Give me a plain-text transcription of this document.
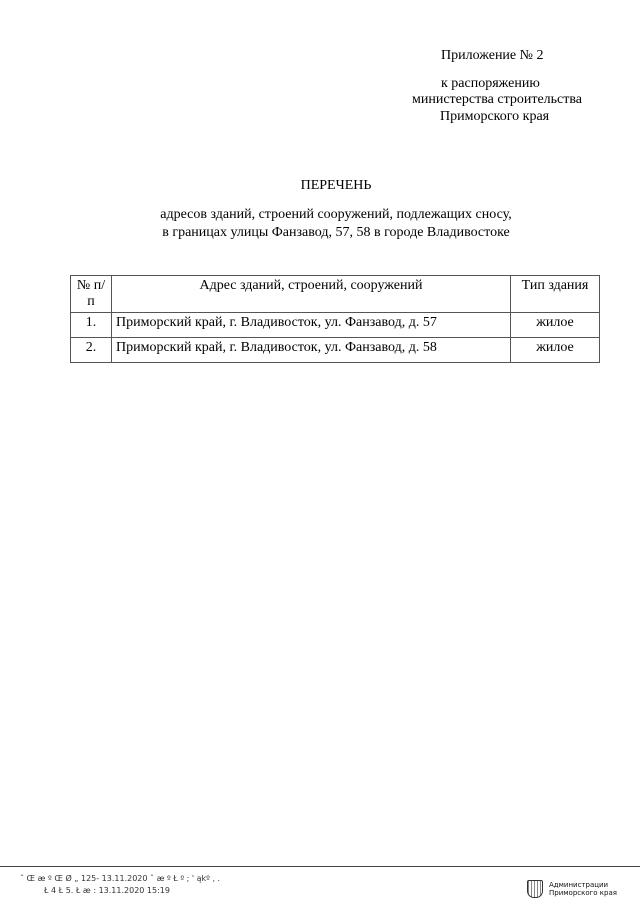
Приложение № 2
к распоряжению
министерства строительства
Приморского края
ПЕРЕЧЕНЬ
адресов зданий, строений сооружений, подлежащих сносу,
в границах улицы Фанзавод, 57, 58 в городе Владивостоке
№ п/п	Адрес зданий, строений, сооружений	Тип здания
1.	Приморский край, г. Владивосток, ул. Фанзавод, д. 57	жилое
2.	Приморский край, г. Владивосток, ул. Фанзавод, д. 58	жилое
ˆ Œ æ º Œ Ø „ 125- 13.11.2020 ˆ æ º Ł º ; ' ąkº , .
Ł 4 Ł 5. Ł æ : 13.11.2020 15:19
Администрации
Приморского края
